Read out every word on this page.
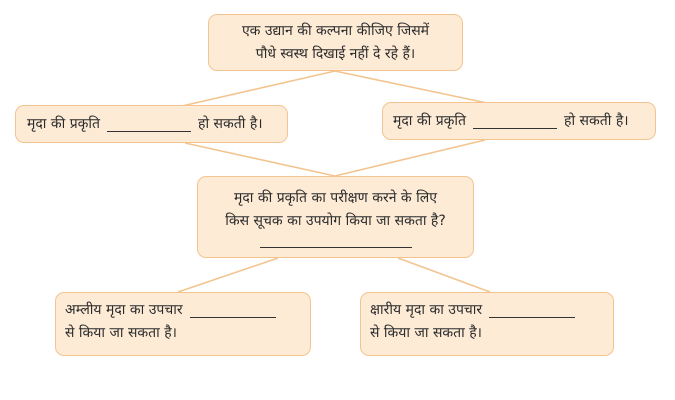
एक उद्यान की कल्पना कीजिए जिसमें
पौधे स्वस्थ दिखाई नहीं दे रहे हैं।
मृदा की प्रकृति	हो सकती है।	मृदा की प्रकृति	हो सकती है।
मृदा की प्रकृति का परीक्षण करने के लिए
किस सूचक का उपयोग किया जा सकता है?
अम्लीय मृदा का उपचार
से किया जा सकता है।
क्षारीय मृदा का उपचार
से किया जा सकता है।
